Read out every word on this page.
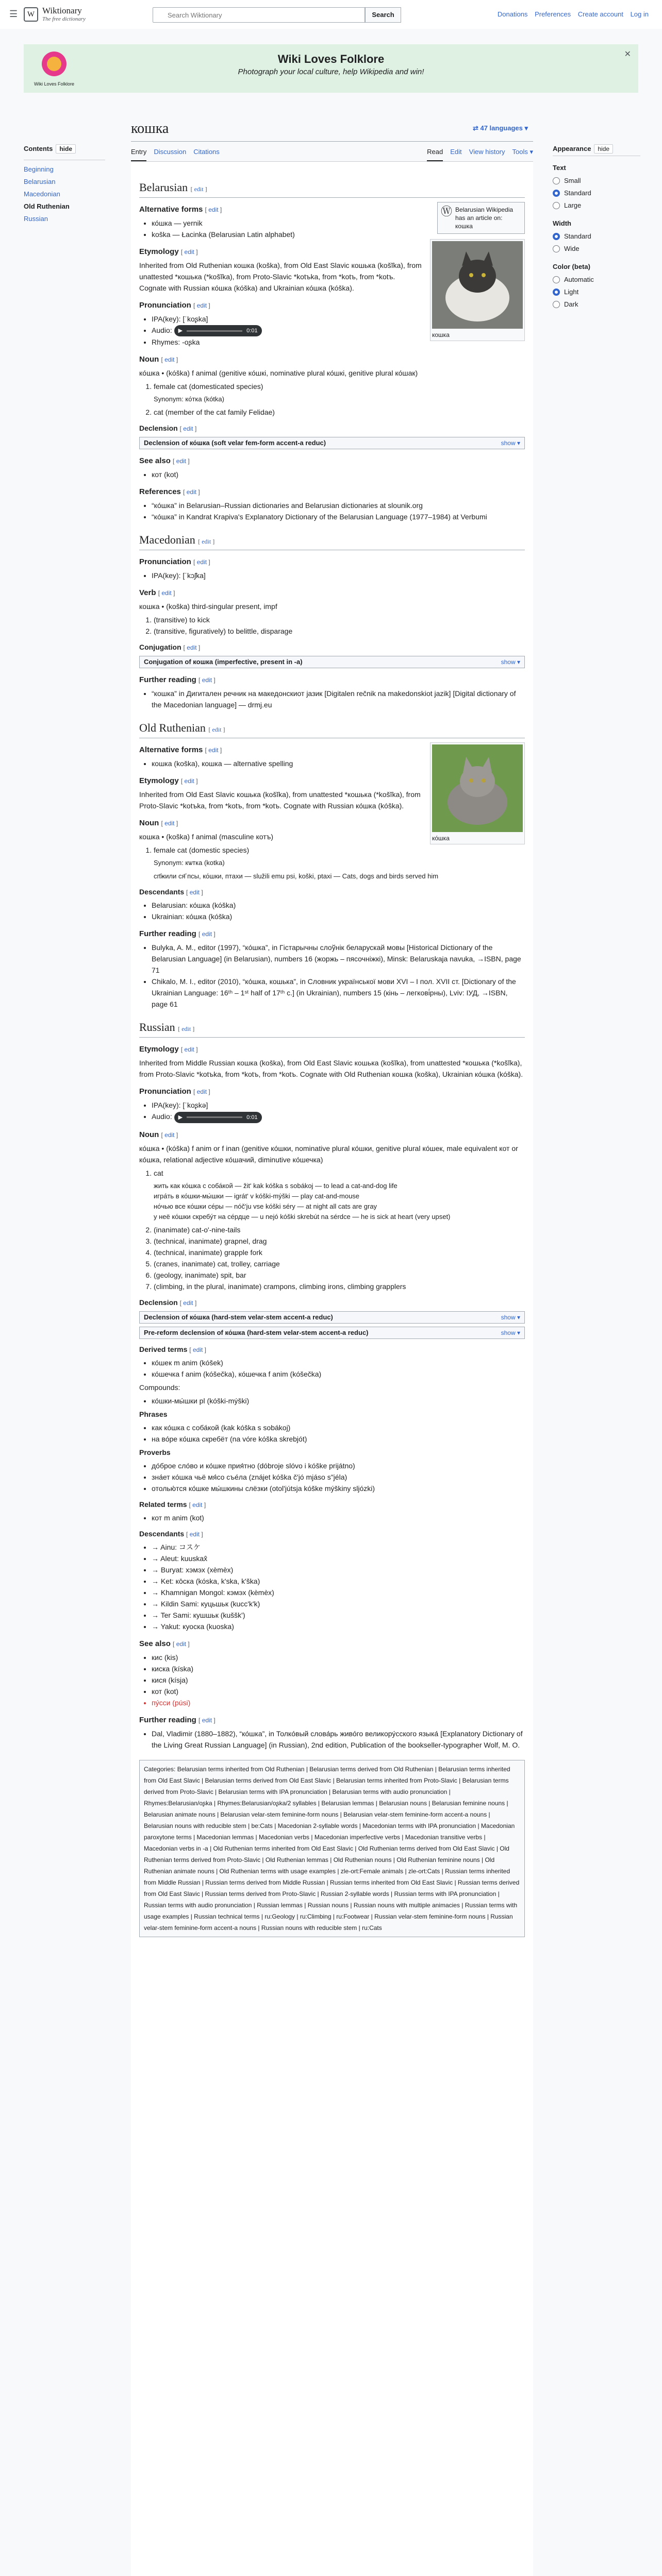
☰	W Wiktionary
The free dictionary
Search Wiktionary
Search	Donations Preferences Create account Log in
Wiki Loves Folklore
Wiki Loves Folklore
Photograph your local culture, help Wikipedia and win!
✕
Contents hide
Beginning
Belarusian
Macedonian
Old Ruthenian
Russian
Appearance hide
Text
Small
Standard
Large
Width
Standard
Wide
Color (beta)
Automatic
Light
Dark
кошка	⇄ 47 languages ▾
Entry Discussion Citations	Read Edit View history Tools ▾
Belarusian [ edit ]
Ⓦ Belarusian Wikipedia has an article on: кошка
кошка
Alternative forms [ edit ]
• ко́шка — yernik
• koška — Łacinka (Belarusian Latin alphabet)
Etymology [ edit ]

Inherited from Old Ruthenian кошка (koška), from Old East Slavic кошька (košĭka), from unattested *кошька (*košĭka), from Proto-Slavic *kotъka, from *kotъ, from *kotъ. Cognate with Russian ко́шка (kóška) and Ukrainian ко́шка (kóška).

Pronunciation [ edit ]
• IPA(key): [ˈkoʂka]
• Audio: ▶	0:01
• Rhymes: -oʂka
Noun [ edit ]

ко́шка • (kóška) f animal (genitive ко́шкі, nominative plural ко́шкі, genitive plural ко́шак)

1. female cat (domesticated species)
Synonym: ко́тка (kótka)
2. cat (member of the cat family Felidae)
Declension [ edit ]
Declension of ко́шка (soft velar fem-form accent-a reduc)	show ▾
See also [ edit ]
• кот (kot)
References [ edit ]
• “ко́шка” in Belarusian–Russian dictionaries and Belarusian dictionaries at slounik.org
• “ко́шка” in Kandrat Krapiva's Explanatory Dictionary of the Belarusian Language (1977–1984) at Verbumi
Macedonian [ edit ]
Pronunciation [ edit ]
• IPA(key): [ˈkɔʃka]
Verb [ edit ]

кошка • (koška) third-singular present, impf

1. (transitive) to kick
2. (transitive, figuratively) to belittle, disparage
Conjugation [ edit ]
Conjugation of кошка (imperfective, present in -а)	show ▾
Further reading [ edit ]
• “кошка” in Дигитален речник на македонскиот јазик [Digitalen rečnik na makedonskiot jazik] [Digital dictionary of the Macedonian language] — drmj.eu
Old Ruthenian [ edit ]
ко́шка
Alternative forms [ edit ]
• кошка (koška), кошка — alternative spelling
Etymology [ edit ]

Inherited from Old East Slavic кошька (košĭka), from unattested *кошька (*košĭka), from Proto-Slavic *kotъka, from *kotъ, from *kotъ. Cognate with Russian ко́шка (kóška).

Noun [ edit ]

кошка • (koška) f animal (masculine котъ)

1. female cat (domestic species)
Synonym: кѡтка (kotka)
сп҃жили ся҃ псы, ко́шки, птахи — služili emu psi, koški, ptaxi — Cats, dogs and birds served him
Descendants [ edit ]
• Belarusian: ко́шка (kóška)
• Ukrainian: ко́шка (kóška)
Further reading [ edit ]
• Bulyka, A. M., editor (1997), “ко́шка”, in Гістарычны слоўнік беларускай мовы [Historical Dictionary of the Belarusian Language] (in Belarusian), numbers 16 (жоржь – пясочніжкі), Minsk: Belaruskaja navuka, →ISBN, page 71
• Chikalo, M. I., editor (2010), “ко́шка, кошька”, in Словник української мови XVI – I пол. XVII ст. [Dictionary of the Ukrainian Language: 16ᵗʰ – 1ˢᵗ half of 17ᵗʰ c.] (in Ukrainian), numbers 15 (кінь – легкові́рны), Lviv: ІУД, →ISBN, page 61
Russian [ edit ]
Etymology [ edit ]

Inherited from Middle Russian кошка (koška), from Old East Slavic кошька (košĭka), from unattested *кошька (*košĭka), from Proto-Slavic *kotъka, from *kotъ, from *kotъ. Cognate with Old Ruthenian кошка (koška), Ukrainian ко́шка (kóška).

Pronunciation [ edit ]
• IPA(key): [ˈkoʂkə]
• Audio: ▶	0:01
Noun [ edit ]

ко́шка • (kóška) f anim or f inan (genitive ко́шки, nominative plural ко́шки, genitive plural ко́шек, male equivalent кот or ко́шка, relational adjective ко́шачий, diminutive ко́шечка)

1. cat
жить как ко́шка с соба́кой — žitʹ kak kóška s sobákoj — to lead a cat-and-dog life
игра́ть в ко́шки-мы́шки — igrátʹ v kóški-mýški — play cat-and-mouse
но́чью все ко́шки се́ры — nóčʹju vse kóški séry — at night all cats are gray
у неё ко́шки скребу́т на се́рдце — u nejó kóški skrebút na sérdce — he is sick at heart (very upset)
2. (inanimate) cat-o'-nine-tails
3. (technical, inanimate) grapnel, drag
4. (technical, inanimate) grapple fork
5. (cranes, inanimate) cat, trolley, carriage
6. (geology, inanimate) spit, bar
7. (climbing, in the plural, inanimate) crampons, climbing irons, climbing grapplers
Declension [ edit ]
Declension of ко́шка (hard-stem velar-stem accent-a reduc)	show ▾
Pre-reform declension of ко́шка (hard-stem velar-stem accent-a reduc)	show ▾
Derived terms [ edit ]
• ко́шек m anim (kóšek)
• ко́шечка f anim (kóšečka), ко́шечка f anim (kóšečka)

Compounds:

• ко́шки-мы́шки pl (kóški-mýški)

Phrases

• как ко́шка с соба́кой (kak kóška s sobákoj)
• на во́ре ко́шка скребёт (na vóre kóška skrebjót)

Proverbs

• до́брое сло́во и ко́шке прия́тно (dóbroje slóvo i kóške prijátno)
• зна́ет ко́шка чьё мя́со съе́ла (znájet kóška čʹjó mjáso sʺjéla)
• отолью́тся ко́шке мы́шкины слёзки (otolʹjútsja kóške mýškiny sljózki)
Related terms [ edit ]
• кот m anim (kot)
Descendants [ edit ]
• → Ainu: コスケ
• → Aleut: kuuskax̂
• → Buryat: хэмэх (xèmèx)
• → Ket: ко̄ска (kóska, k'ska, k'ška)
• → Khamnigan Mongol: кэмэх (kèmèx)
• → Kildin Sami: куцьшьк (kucc'k'k)
• → Ter Sami: кушшьк (kušškʹ)
• → Yakut: куоска (kuoska)
See also [ edit ]
• кис (kis)
• киска (kíska)
• кися (kísja)
• кот (kot)
• пу́сси (púsi)
Further reading [ edit ]
• Dal, Vladimir (1880–1882), “ко́шка”, in Толко́вый слова́рь живо́го великору́сского языка́ [Explanatory Dictionary of the Living Great Russian Language] (in Russian), 2nd edition, Publication of the bookseller-typographer Wolf, M. O.
Categories: Belarusian terms inherited from Old Ruthenian | Belarusian terms derived from Old Ruthenian | Belarusian terms inherited from Old East Slavic | Belarusian terms derived from Old East Slavic | Belarusian terms inherited from Proto-Slavic | Belarusian terms derived from Proto-Slavic | Belarusian terms with IPA pronunciation | Belarusian terms with audio pronunciation | Rhymes:Belarusian/oʂka | Rhymes:Belarusian/oʂka/2 syllables | Belarusian lemmas | Belarusian nouns | Belarusian feminine nouns | Belarusian animate nouns | Belarusian velar-stem feminine-form nouns | Belarusian velar-stem feminine-form accent-a nouns | Belarusian nouns with reducible stem | be:Cats | Macedonian 2-syllable words | Macedonian terms with IPA pronunciation | Macedonian paroxytone terms | Macedonian lemmas | Macedonian verbs | Macedonian imperfective verbs | Macedonian transitive verbs | Macedonian verbs in -а | Old Ruthenian terms inherited from Old East Slavic | Old Ruthenian terms derived from Old East Slavic | Old Ruthenian terms derived from Proto-Slavic | Old Ruthenian lemmas | Old Ruthenian nouns | Old Ruthenian feminine nouns | Old Ruthenian animate nouns | Old Ruthenian terms with usage examples | zle-ort:Female animals | zle-ort:Cats | Russian terms inherited from Middle Russian | Russian terms derived from Middle Russian | Russian terms inherited from Old East Slavic | Russian terms derived from Old East Slavic | Russian terms derived from Proto-Slavic | Russian 2-syllable words | Russian terms with IPA pronunciation | Russian terms with audio pronunciation | Russian lemmas | Russian nouns | Russian nouns with multiple animacies | Russian terms with usage examples | Russian technical terms | ru:Geology | ru:Climbing | ru:Footwear | Russian velar-stem feminine-form nouns | Russian velar-stem feminine-form accent-a nouns | Russian nouns with reducible stem | ru:Cats
